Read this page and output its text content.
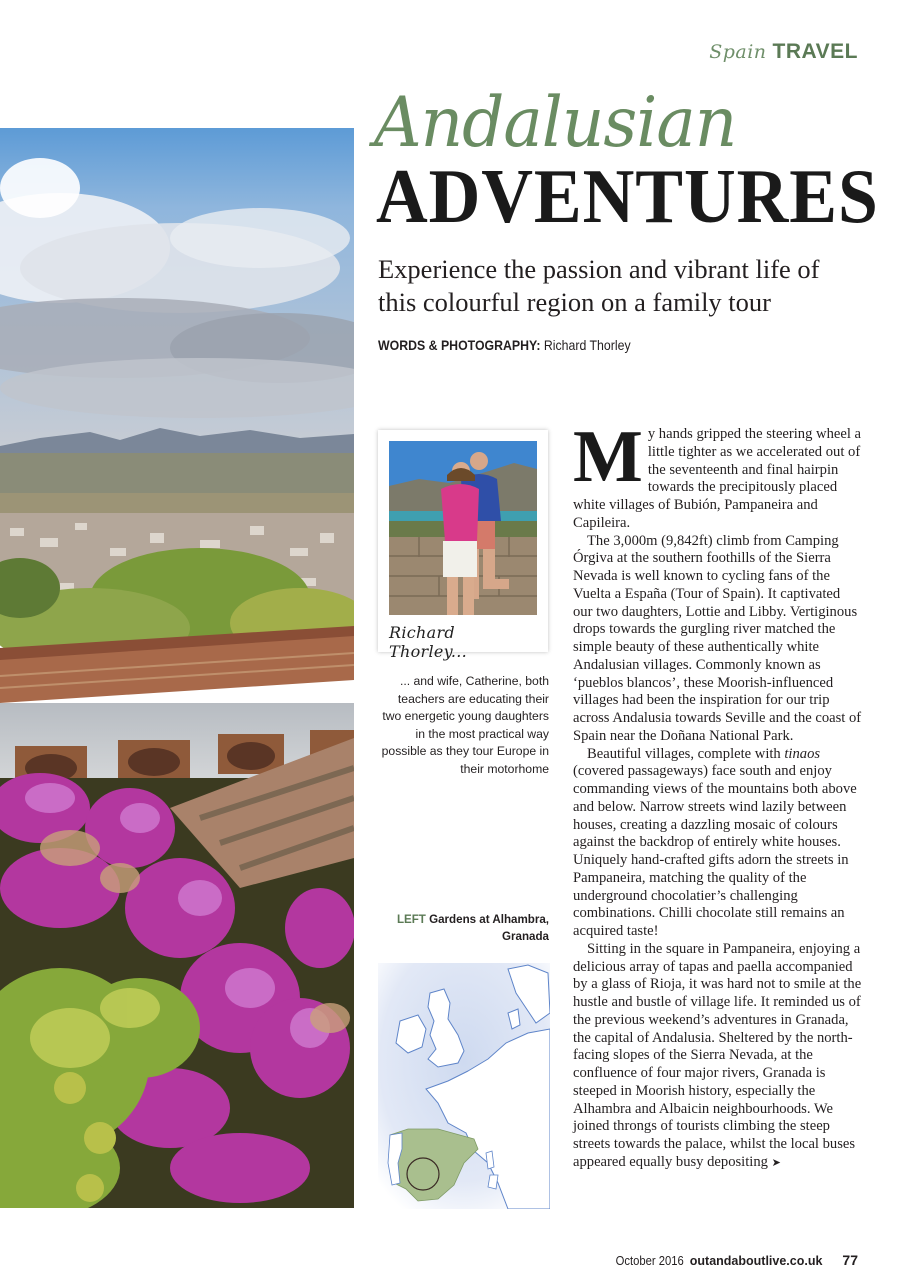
Spain TRAVEL
Andalusian
ADVENTURES

Experience the passion and vibrant life of this colourful region on a family tour

WORDS & PHOTOGRAPHY: Richard Thorley

Richard Thorley...

... and wife, Catherine, both teachers are educating their two energetic young daughters in the most practical way possible as they tour Europe in their motorhome

LEFT Gardens at Alhambra, Granada

My hands gripped the steering wheel a little tighter as we accelerated out of the seventeenth and final hairpin towards the precipitously placed white villages of Bubión, Pampaneira and Capileira.

The 3,000m (9,842ft) climb from Camping Órgiva at the southern foothills of the Sierra Nevada is well known to cycling fans of the Vuelta a España (Tour of Spain). It captivated our two daughters, Lottie and Libby. Vertiginous drops towards the gurgling river matched the simple beauty of these authentically white Andalusian villages. Commonly known as ‘pueblos blancos’, these Moorish-influenced villages had been the inspiration for our trip across Andalusia towards Seville and the coast of Spain near the Doñana National Park.

Beautiful villages, complete with tinaos (covered passageways) face south and enjoy commanding views of the mountains both above and below. Narrow streets wind lazily between houses, creating a dazzling mosaic of colours against the backdrop of entirely white houses. Uniquely hand-crafted gifts adorn the streets in Pampaneira, matching the quality of the underground chocolatier’s challenging combinations. Chilli chocolate still remains an acquired taste!

Sitting in the square in Pampaneira, enjoying a delicious array of tapas and paella accompanied by a glass of Rioja, it was hard not to smile at the hustle and bustle of village life. It reminded us of the previous weekend’s adventures in Granada, the capital of Andalusia. Sheltered by the north-facing slopes of the Sierra Nevada, at the confluence of four major rivers, Granada is steeped in Moorish history, especially the Alhambra and Albaicin neighbourhoods. We joined throngs of tourists climbing the steep streets towards the palace, whilst the local buses appeared equally busy depositing ➤

October 2016 outandaboutlive.co.uk 77
